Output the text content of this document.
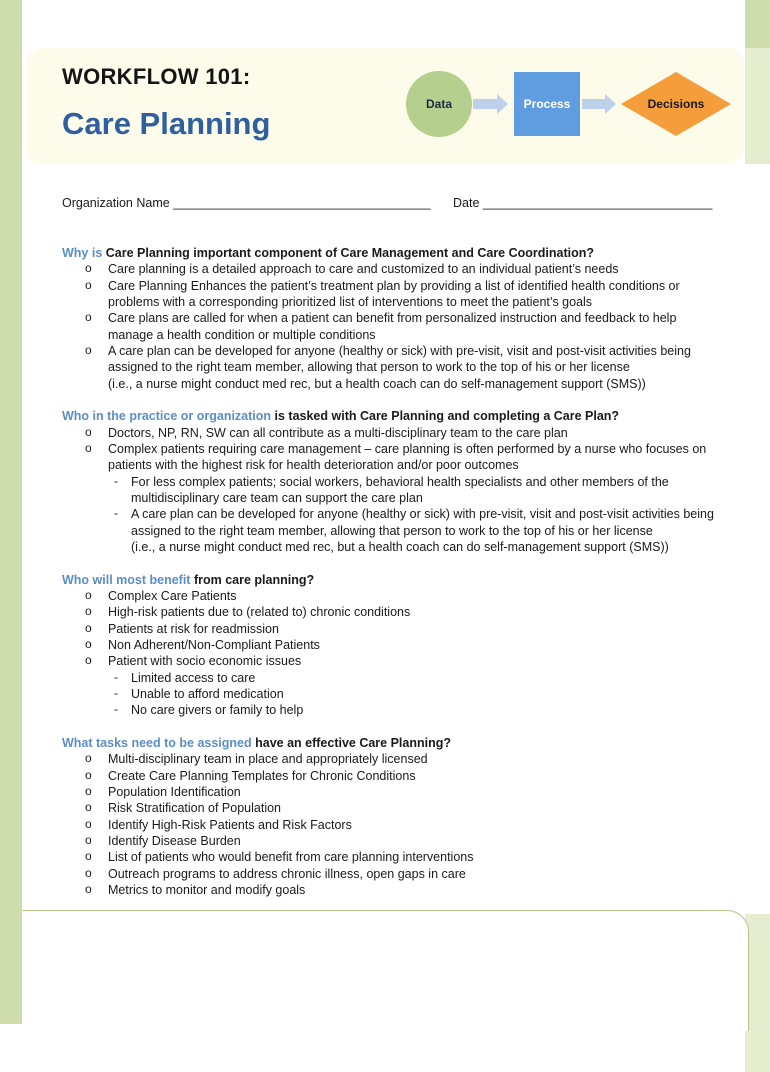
WORKFLOW 101:
Care Planning
Data	Process	Decisions
Organization Name _____________________________________ Date _________________________________
Why is Care Planning important component of Care Management and Care Coordination?
o Care planning is a detailed approach to care and customized to an individual patient’s needs
o Care Planning Enhances the patient’s treatment plan by providing a list of identified health conditions or
problems with a corresponding prioritized list of interventions to meet the patient’s goals
o Care plans are called for when a patient can benefit from personalized instruction and feedback to help
manage a health condition or multiple conditions
o A care plan can be developed for anyone (healthy or sick) with pre-visit, visit and post-visit activities being
assigned to the right team member, allowing that person to work to the top of his or her license
(i.e., a nurse might conduct med rec, but a health coach can do self-management support (SMS))
Who in the practice or organization is tasked with Care Planning and completing a Care Plan?
o Doctors, NP, RN, SW can all contribute as a multi-disciplinary team to the care plan
o Complex patients requiring care management – care planning is often performed by a nurse who focuses on
patients with the highest risk for health deterioration and/or poor outcomes
- For less complex patients; social workers, behavioral health specialists and other members of the
multidisciplinary care team can support the care plan
- A care plan can be developed for anyone (healthy or sick) with pre-visit, visit and post-visit activities being
assigned to the right team member, allowing that person to work to the top of his or her license
(i.e., a nurse might conduct med rec, but a health coach can do self-management support (SMS))
Who will most benefit from care planning?
o Complex Care Patients
o High-risk patients due to (related to) chronic conditions
o Patients at risk for readmission
o Non Adherent/Non-Compliant Patients
o Patient with socio economic issues
- Limited access to care
- Unable to afford medication
- No care givers or family to help
What tasks need to be assigned have an effective Care Planning?
o Multi-disciplinary team in place and appropriately licensed
o Create Care Planning Templates for Chronic Conditions
o Population Identification
o Risk Stratification of Population
o Identify High-Risk Patients and Risk Factors
o Identify Disease Burden
o List of patients who would benefit from care planning interventions
o Outreach programs to address chronic illness, open gaps in care
o Metrics to monitor and modify goals
